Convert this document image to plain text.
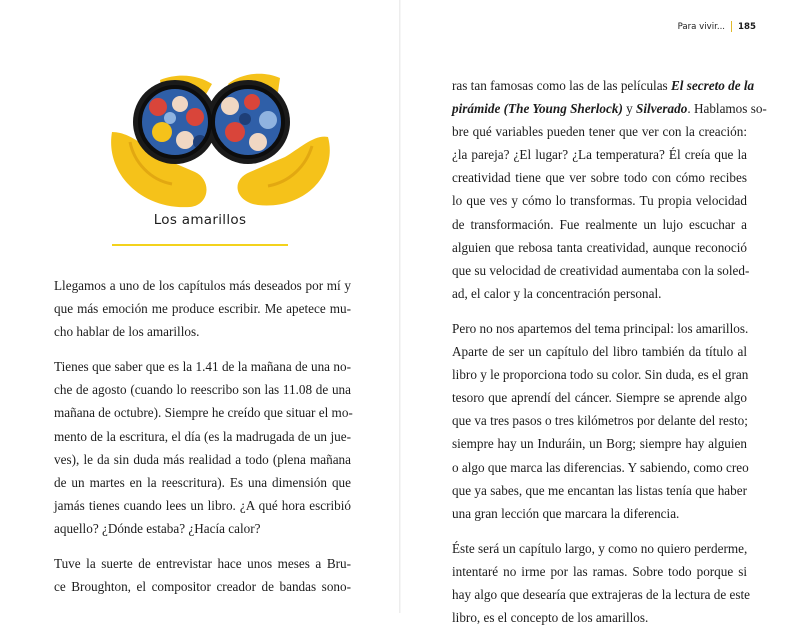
Los amarillos

Llegamos a uno de los capítulos más deseados por mí y
que más emoción me produce escribir. Me apetece mu-
cho hablar de los amarillos.

Tienes que saber que es la 1.41 de la mañana de una no-
che de agosto (cuando lo reescribo son las 11.08 de una
mañana de octubre). Siempre he creído que situar el mo-
mento de la escritura, el día (es la madrugada de un jue-
ves), le da sin duda más realidad a todo (plena mañana
de un martes en la reescritura). Es una dimensión que
jamás tienes cuando lees un libro. ¿A qué hora escribió
aquello? ¿Dónde estaba? ¿Hacía calor?

Tuve la suerte de entrevistar hace unos meses a Bru-
ce Broughton, el compositor creador de bandas sono-

Para vivir... 185

ras tan famosas como las de las películas El secreto de la
pirámide (The Young Sherlock) y Silverado. Hablamos so-
bre qué variables pueden tener que ver con la creación:
¿la pareja? ¿El lugar? ¿La temperatura? Él creía que la
creatividad tiene que ver sobre todo con cómo recibes
lo que ves y cómo lo transformas. Tu propia velocidad
de transformación. Fue realmente un lujo escuchar a
alguien que rebosa tanta creatividad, aunque reconoció
que su velocidad de creatividad aumentaba con la soled-
ad, el calor y la concentración personal.

Pero no nos apartemos del tema principal: los amarillos.
Aparte de ser un capítulo del libro también da título al
libro y le proporciona todo su color. Sin duda, es el gran
tesoro que aprendí del cáncer. Siempre se aprende algo
que va tres pasos o tres kilómetros por delante del resto;
siempre hay un Induráin, un Borg; siempre hay alguien
o algo que marca las diferencias. Y sabiendo, como creo
que ya sabes, que me encantan las listas tenía que haber
una gran lección que marcara la diferencia.

Éste será un capítulo largo, y como no quiero perderme,
intentaré no irme por las ramas. Sobre todo porque si
hay algo que desearía que extrajeras de la lectura de este
libro, es el concepto de los amarillos.
